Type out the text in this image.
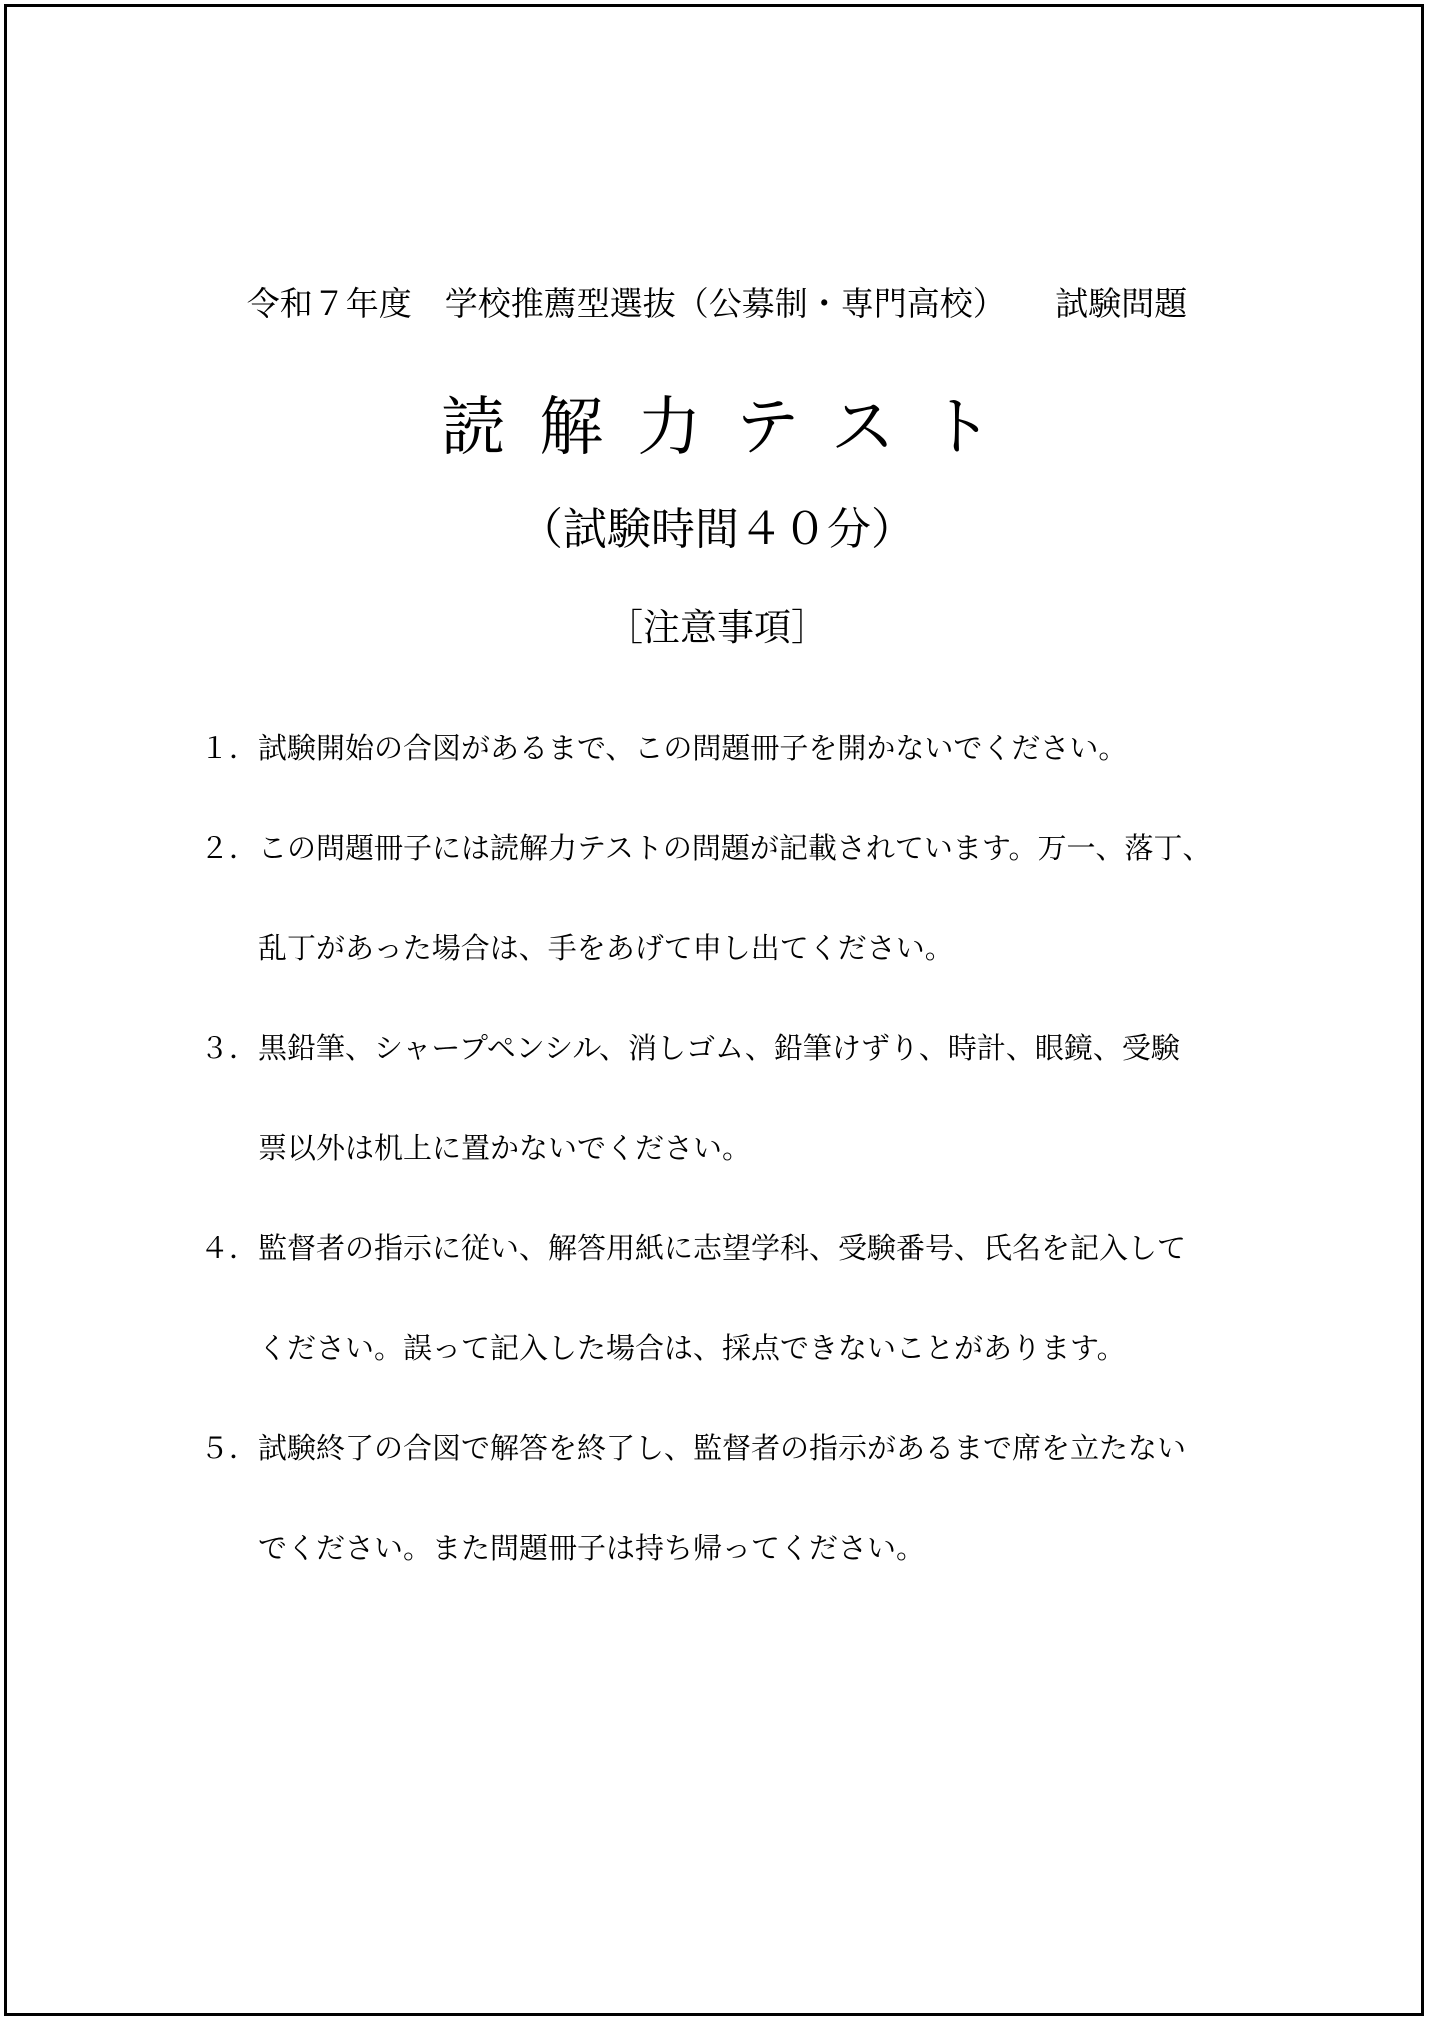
令和７年度　学校推薦型選抜（公募制・専門高校）　　試験問題
読解力テスト
（試験時間４０分）
［注意事項］
１．試験開始の合図があるまで、この問題冊子を開かないでください。
２．この問題冊子には読解力テストの問題が記載されています。万一、落丁、
乱丁があった場合は、手をあげて申し出てください。
３．黒鉛筆、シャープペンシル、消しゴム、鉛筆けずり、時計、眼鏡、受験
票以外は机上に置かないでください。
４．監督者の指示に従い、解答用紙に志望学科、受験番号、氏名を記入して
ください。誤って記入した場合は、採点できないことがあります。
５．試験終了の合図で解答を終了し、監督者の指示があるまで席を立たない
でください。また問題冊子は持ち帰ってください。
